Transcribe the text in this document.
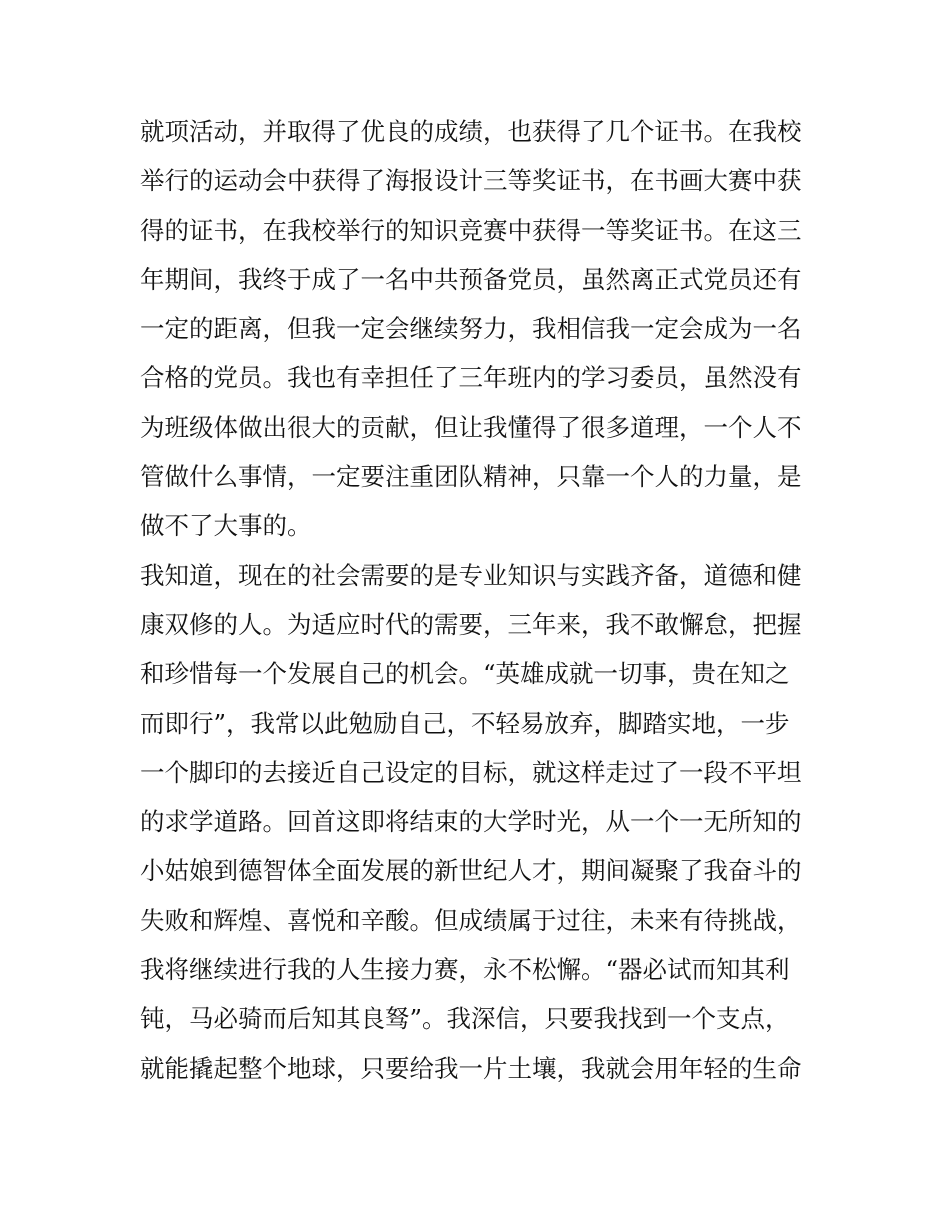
就项活动，并取得了优良的成绩，也获得了几个证书。在我校
举行的运动会中获得了海报设计三等奖证书，在书画大赛中获
得的证书，在我校举行的知识竞赛中获得一等奖证书。在这三
年期间，我终于成了一名中共预备党员，虽然离正式党员还有
一定的距离，但我一定会继续努力，我相信我一定会成为一名
合格的党员。我也有幸担任了三年班内的学习委员，虽然没有
为班级体做出很大的贡献，但让我懂得了很多道理，一个人不
管做什么事情，一定要注重团队精神，只靠一个人的力量，是
做不了大事的。
我知道，现在的社会需要的是专业知识与实践齐备，道德和健
康双修的人。为适应时代的需要，三年来，我不敢懈怠，把握
和珍惜每一个发展自己的机会。“英雄成就一切事，贵在知之
而即行”，我常以此勉励自己，不轻易放弃，脚踏实地，一步
一个脚印的去接近自己设定的目标，就这样走过了一段不平坦
的求学道路。回首这即将结束的大学时光，从一个一无所知的
小姑娘到德智体全面发展的新世纪人才，期间凝聚了我奋斗的
失败和辉煌、喜悦和辛酸。但成绩属于过往，未来有待挑战，
我将继续进行我的人生接力赛，永不松懈。“器必试而知其利
钝，马必骑而后知其良驽”。我深信，只要我找到一个支点，
就能撬起整个地球，只要给我一片土壤，我就会用年轻的生命
